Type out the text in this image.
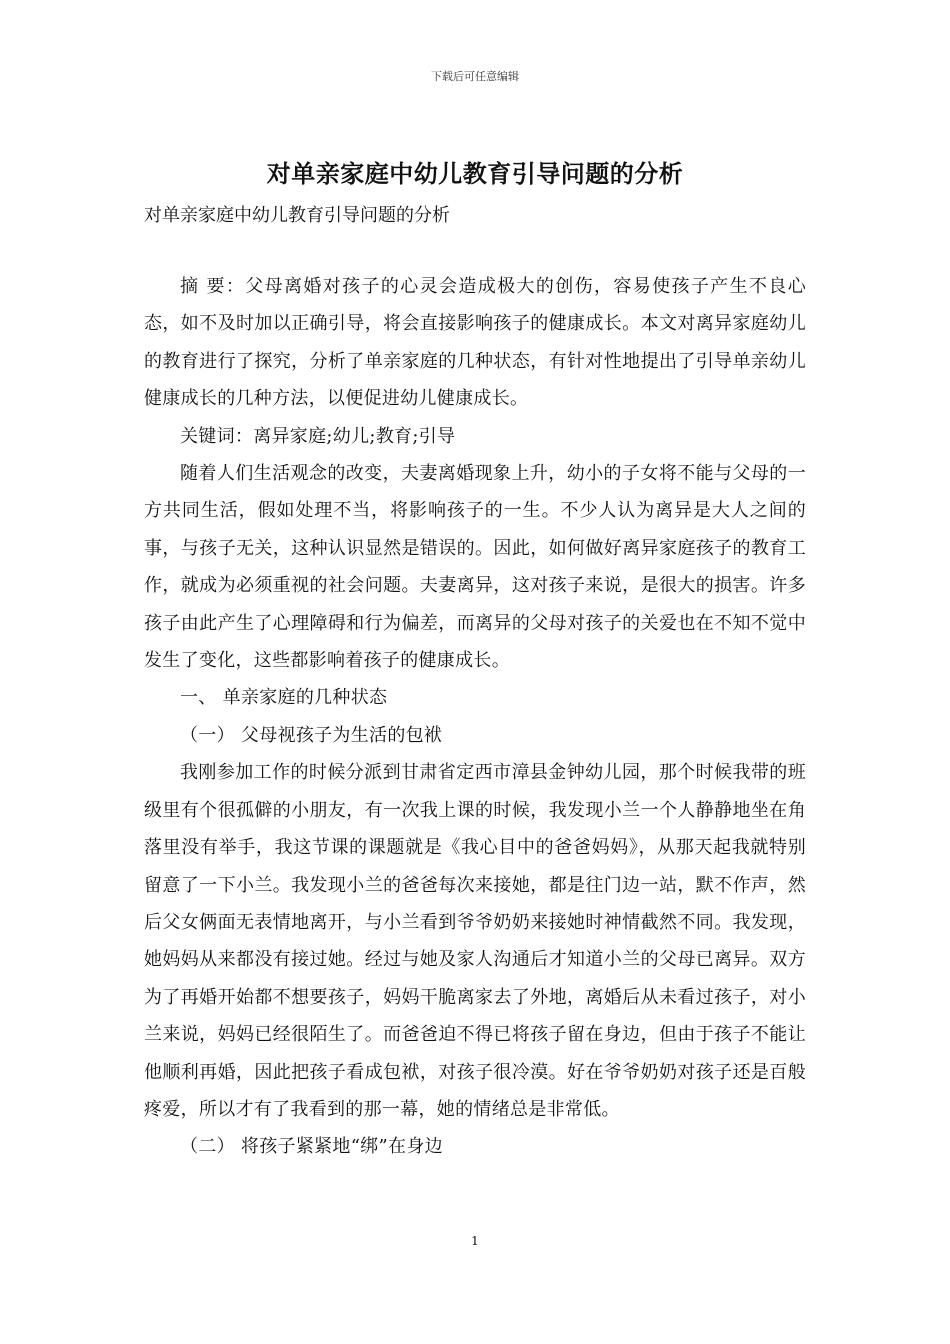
下载后可任意编辑
对单亲家庭中幼儿教育引导问题的分析
对单亲家庭中幼儿教育引导问题的分析

摘 要：父母离婚对孩子的心灵会造成极大的创伤，容易使孩子产生不良心态，如不及时加以正确引导，将会直接影响孩子的健康成长。本文对离异家庭幼儿的教育进行了探究，分析了单亲家庭的几种状态，有针对性地提出了引导单亲幼儿健康成长的几种方法，以便促进幼儿健康成长。

关键词：离异家庭;幼儿;教育;引导

随着人们生活观念的改变，夫妻离婚现象上升，幼小的子女将不能与父母的一方共同生活，假如处理不当，将影响孩子的一生。不少人认为离异是大人之间的事，与孩子无关，这种认识显然是错误的。因此，如何做好离异家庭孩子的教育工作，就成为必须重视的社会问题。夫妻离异，这对孩子来说，是很大的损害。许多孩子由此产生了心理障碍和行为偏差，而离异的父母对孩子的关爱也在不知不觉中发生了变化，这些都影响着孩子的健康成长。

一、 单亲家庭的几种状态

（一） 父母视孩子为生活的包袱

我刚参加工作的时候分派到甘肃省定西市漳县金钟幼儿园，那个时候我带的班级里有个很孤僻的小朋友，有一次我上课的时候，我发现小兰一个人静静地坐在角落里没有举手，我这节课的课题就是《我心目中的爸爸妈妈》，从那天起我就特别留意了一下小兰。我发现小兰的爸爸每次来接她，都是往门边一站，默不作声，然后父女俩面无表情地离开，与小兰看到爷爷奶奶来接她时神情截然不同。我发现，她妈妈从来都没有接过她。经过与她及家人沟通后才知道小兰的父母已离异。双方为了再婚开始都不想要孩子，妈妈干脆离家去了外地，离婚后从未看过孩子，对小兰来说，妈妈已经很陌生了。而爸爸迫不得已将孩子留在身边，但由于孩子不能让他顺利再婚，因此把孩子看成包袱，对孩子很冷漠。好在爷爷奶奶对孩子还是百般疼爱，所以才有了我看到的那一幕，她的情绪总是非常低。

（二） 将孩子紧紧地“绑”在身边

1
